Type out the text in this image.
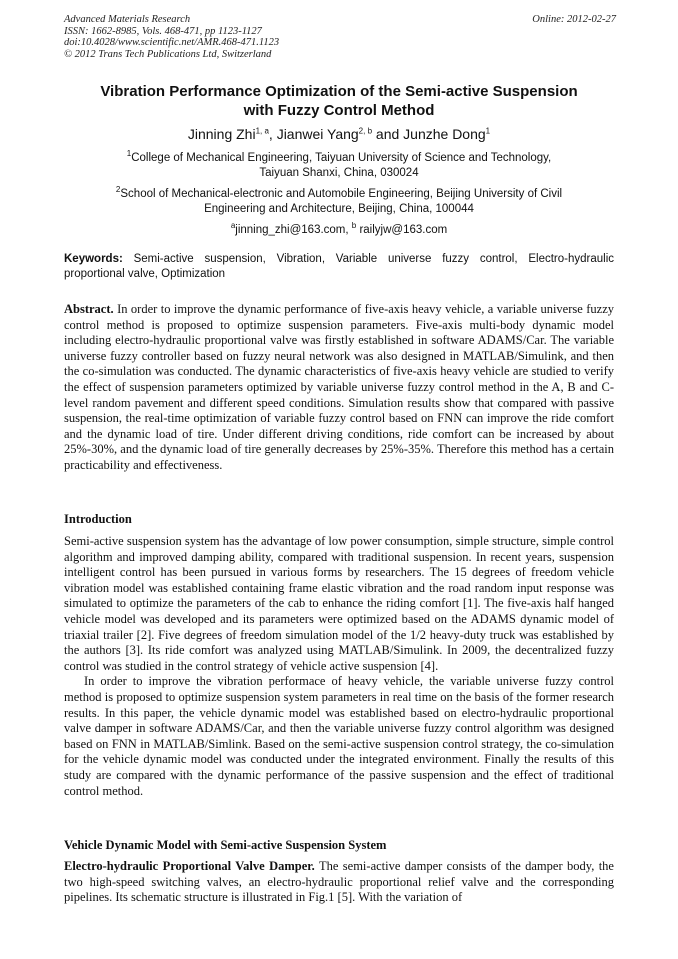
Advanced Materials Research
ISSN: 1662-8985, Vols. 468-471, pp 1123-1127
doi:10.4028/www.scientific.net/AMR.468-471.1123
© 2012 Trans Tech Publications Ltd, Switzerland
Online: 2012-02-27
Vibration Performance Optimization of the Semi-active Suspension
with Fuzzy Control Method
Jinning Zhi$^{1, a}$, Jianwei Yang$^{2, b}$ and Junzhe Dong$^1$
$^1$College of Mechanical Engineering, Taiyuan University of Science and Technology,
Taiyuan Shanxi, China, 030024
$^2$School of Mechanical-electronic and Automobile Engineering, Beijing University of Civil
Engineering and Architecture, Beijing, China, 100044
$^a$jinning_zhi@163.com, $^b$ railyjw@163.com
Keywords: Semi-active suspension, Vibration, Variable universe fuzzy control, Electro-hydraulic proportional valve, Optimization
Abstract. In order to improve the dynamic performance of five-axis heavy vehicle, a variable universe fuzzy control method is proposed to optimize suspension parameters. Five-axis multi-body dynamic model including electro-hydraulic proportional valve was firstly established in software ADAMS/Car. The variable universe fuzzy controller based on fuzzy neural network was also designed in MATLAB/Simulink, and then the co-simulation was conducted. The dynamic characteristics of five-axis heavy vehicle are studied to verify the effect of suspension parameters optimized by variable universe fuzzy control method in the A, B and C-level random pavement and different speed conditions. Simulation results show that compared with passive suspension, the real-time optimization of variable fuzzy control based on FNN can improve the ride comfort and the dynamic load of tire. Under different driving conditions, ride comfort can be increased by about 25%-30%, and the dynamic load of tire generally decreases by 25%-35%. Therefore this method has a certain practicability and effectiveness.
Introduction
Semi-active suspension system has the advantage of low power consumption, simple structure, simple control algorithm and improved damping ability, compared with traditional suspension. In recent years, suspension intelligent control has been pursued in various forms by researchers. The 15 degrees of freedom vehicle vibration model was established containing frame elastic vibration and the road random input response was simulated to optimize the parameters of the cab to enhance the riding comfort [1]. The five-axis half hanged vehicle model was developed and its parameters were optimized based on the ADAMS dynamic model of triaxial trailer [2]. Five degrees of freedom simulation model of the 1/2 heavy-duty truck was established by the authors [3]. Its ride comfort was analyzed using MATLAB/Simulink. In 2009, the decentralized fuzzy control was studied in the control strategy of vehicle active suspension [4].
In order to improve the vibration performace of heavy vehicle, the variable universe fuzzy control method is proposed to optimize suspension system parameters in real time on the basis of the former research results. In this paper, the vehicle dynamic model was established based on electro-hydraulic proportional valve damper in software ADAMS/Car, and then the variable universe fuzzy control algorithm was designed based on FNN in MATLAB/Simlink. Based on the semi-active suspension control strategy, the co-simulation for the vehicle dynamic model was conducted under the integrated environment. Finally the results of this study are compared with the dynamic performance of the passive suspension and the effect of traditional control method.
Vehicle Dynamic Model with Semi-active Suspension System
Electro-hydraulic Proportional Valve Damper. The semi-active damper consists of the damper body, the two high-speed switching valves, an electro-hydraulic proportional relief valve and the corresponding pipelines. Its schematic structure is illustrated in Fig.1 [5]. With the variation of
